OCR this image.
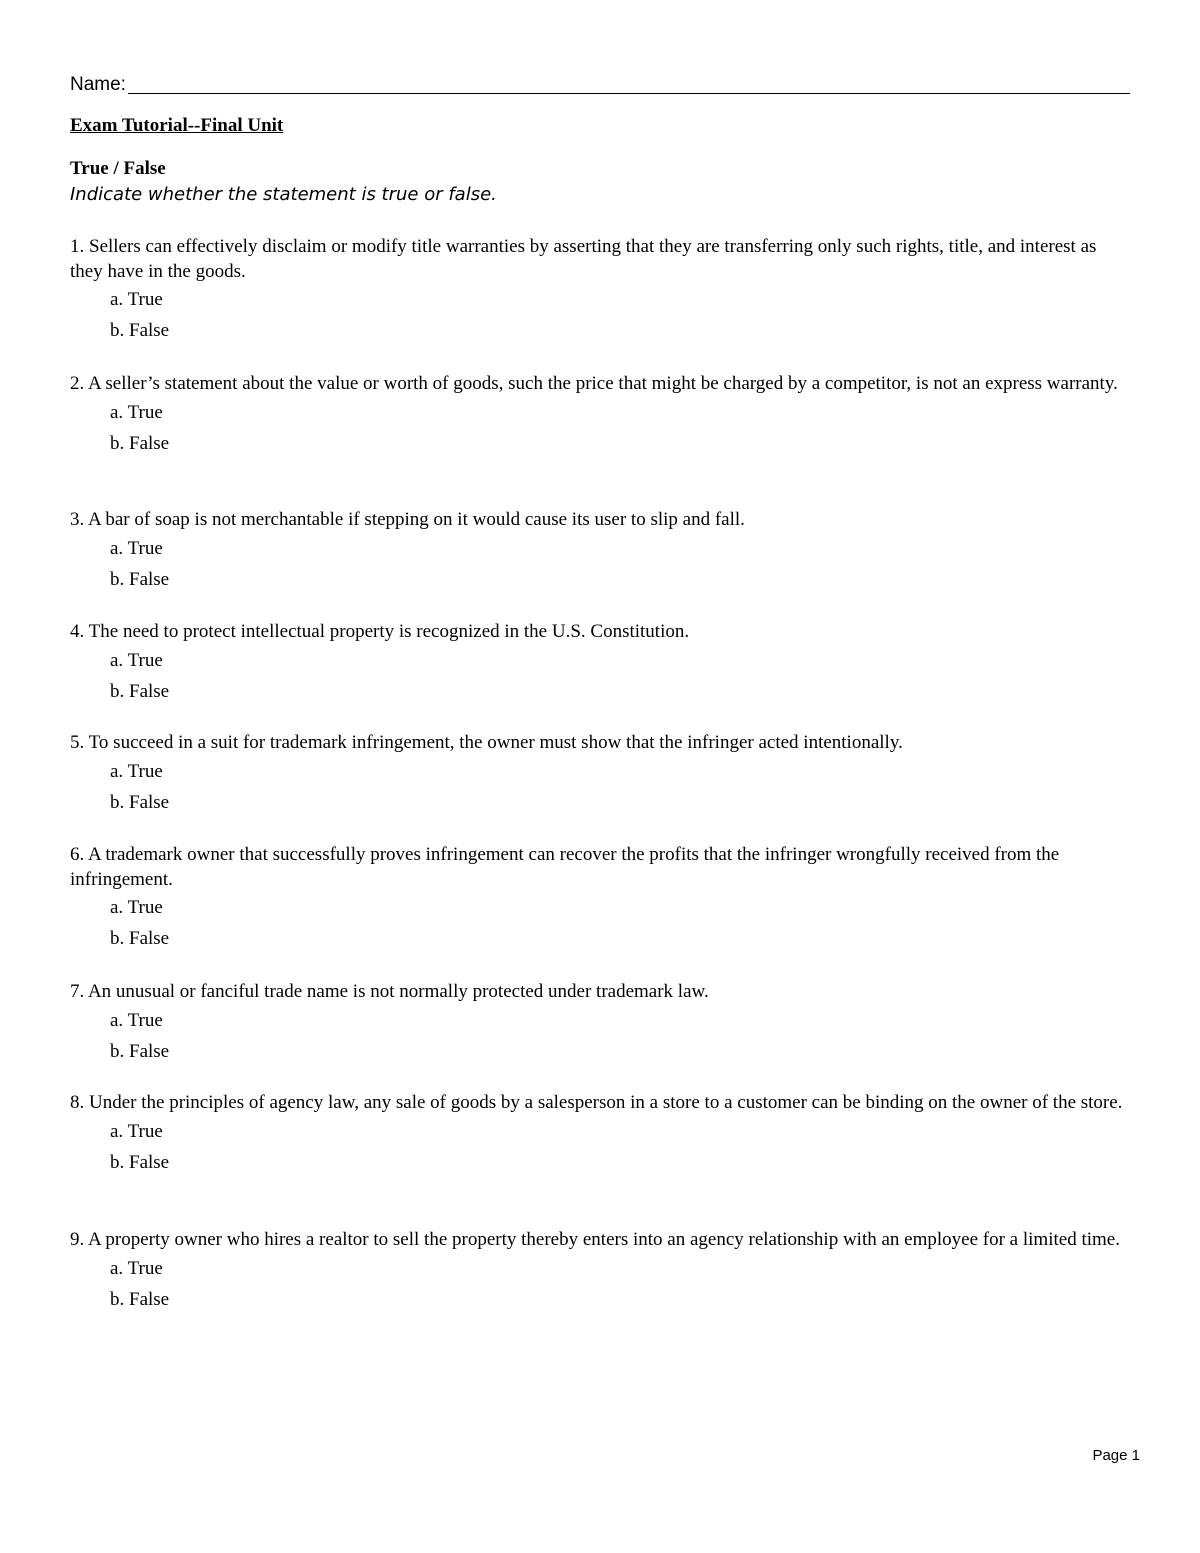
Name:
Exam Tutorial--Final Unit
True / False
Indicate whether the statement is true or false.

1. Sellers can effectively disclaim or modify title warranties by asserting that they are transferring only such rights, title, and interest as they have in the goods.

a. True
b. False

2. A seller’s statement about the value or worth of goods, such the price that might be charged by a competitor, is not an express warranty.

a. True
b. False

3. A bar of soap is not merchantable if stepping on it would cause its user to slip and fall.

a. True
b. False

4. The need to protect intellectual property is recognized in the U.S. Constitution.

a. True
b. False

5. To succeed in a suit for trademark infringement, the owner must show that the infringer acted intentionally.

a. True
b. False

6. A trademark owner that successfully proves infringement can recover the profits that the infringer wrongfully received from the infringement.

a. True
b. False

7. An unusual or fanciful trade name is not normally protected under trademark law.

a. True
b. False

8. Under the principles of agency law, any sale of goods by a salesperson in a store to a customer can be binding on the owner of the store.

a. True
b. False

9. A property owner who hires a realtor to sell the property thereby enters into an agency relationship with an employee for a limited time.

a. True
b. False
Page 1
